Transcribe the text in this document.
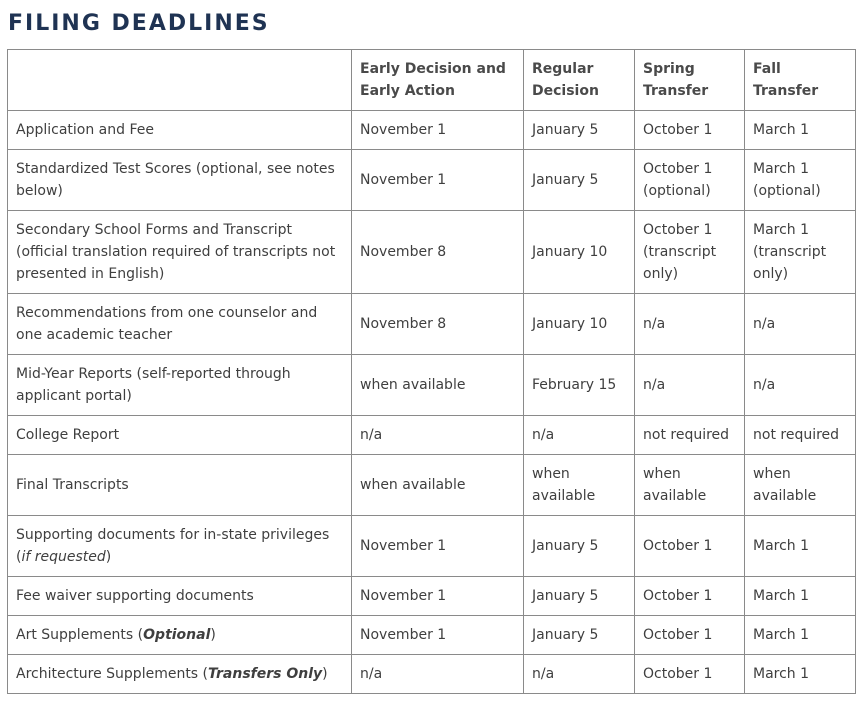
FILING DEADLINES
	Early Decision and Early Action	Regular Decision	Spring Transfer	Fall Transfer
Application and Fee	November 1	January 5	October 1	March 1
Standardized Test Scores (optional, see notes below)	November 1	January 5	October 1 (optional)	March 1 (optional)
Secondary School Forms and Transcript (official translation required of transcripts not presented in English)	November 8	January 10	October 1 (transcript only)	March 1 (transcript only)
Recommendations from one counselor and one academic teacher	November 8	January 10	n/a	n/a
Mid-Year Reports (self-reported through applicant portal)	when available	February 15	n/a	n/a
College Report	n/a	n/a	not required	not required
Final Transcripts	when available	when available	when available	when available
Supporting documents for in-state privileges (if requested)	November 1	January 5	October 1	March 1
Fee waiver supporting documents	November 1	January 5	October 1	March 1
Art Supplements (Optional)	November 1	January 5	October 1	March 1
Architecture Supplements (Transfers Only)	n/a	n/a	October 1	March 1
